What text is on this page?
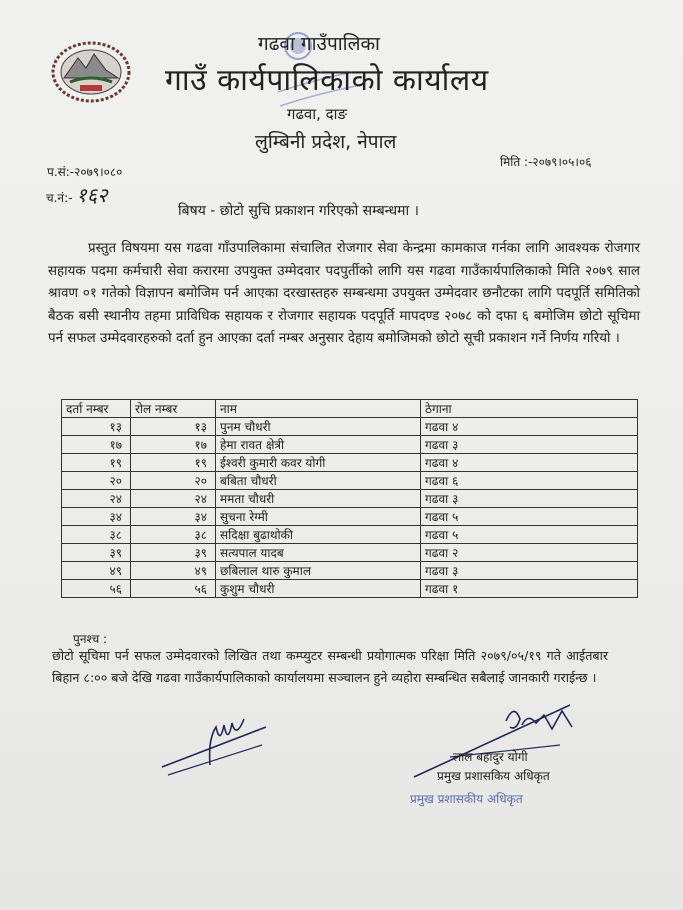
गढवा गाउँपालिका
गाउँ कार्यपालिकाको कार्यालय
गढवा, दाङ
लुम्बिनी प्रदेश, नेपाल
प.सं:-२०७९।०८०
च.नं:- १६२
मिति :-२०७९।०५।०६
बिषय - छोटो सुचि प्रकाशन गरिएको सम्बन्धमा ।
प्रस्तुत विषयमा यस गढवा गाँउपालिकामा संचालित रोजगार सेवा केन्द्रमा कामकाज गर्नका लागि आवश्यक रोजगार सहायक पदमा कर्मचारी सेवा करारमा उपयुक्त उम्मेदवार पदपुर्तीको लागि यस गढवा गाउँकार्यपालिकाको मिति २०७९ साल श्रावण ०१ गतेको विज्ञापन बमोजिम पर्न आएका दरखास्तहरु सम्बन्धमा उपयुक्त उम्मेदवार छनौटका लागि पदपूर्ति समितिको बैठक बसी स्थानीय तहमा प्राविधिक सहायक र रोजगार सहायक पदपूर्ति मापदण्ड २०७८ को दफा ६ बमोजिम छोटो सूचिमा पर्न सफल उम्मेदवारहरुको दर्ता हुन आएका दर्ता नम्बर अनुसार देहाय बमोजिमको छोटो सूची प्रकाशन गर्ने निर्णय गरियो ।
दर्ता नम्बर	रोल नम्बर	नाम	ठेगाना
१३	१३	पुनम चौधरी	गढवा ४
१७	१७	हेमा रावत क्षेत्री	गढवा ३
१९	१९	ईश्वरी कुमारी कवर योगी	गढवा ४
२०	२०	बबिता चौधरी	गढवा ६
२४	२४	ममता चौधरी	गढवा ३
३४	३४	सुचना रेग्मी	गढवा ५
३८	३८	सदिक्षा बुढाथोकी	गढवा ५
३९	३९	सत्यपाल यादब	गढवा २
४९	४९	छबिलाल थारु कुमाल	गढवा ३
५६	५६	कुशुम चौधरी	गढवा १
पुनश्च :
छोटो सूचिमा पर्न सफल उम्मेदवारको लिखित तथा कम्प्युटर सम्बन्धी प्रयोगात्मक परिक्षा मिति २०७९/०५/१९ गते आईतबार बिहान ८:०० बजे देखि गढवा गाउँकार्यपालिकाको कार्यालयमा सञ्चालन हुने व्यहोरा सम्बन्धित सबैलाई जानकारी गराईन्छ ।
लाल बहादुर योगी
प्रमुख प्रशासकिय अधिकृत
प्रमुख प्रशासकीय अधिकृत
